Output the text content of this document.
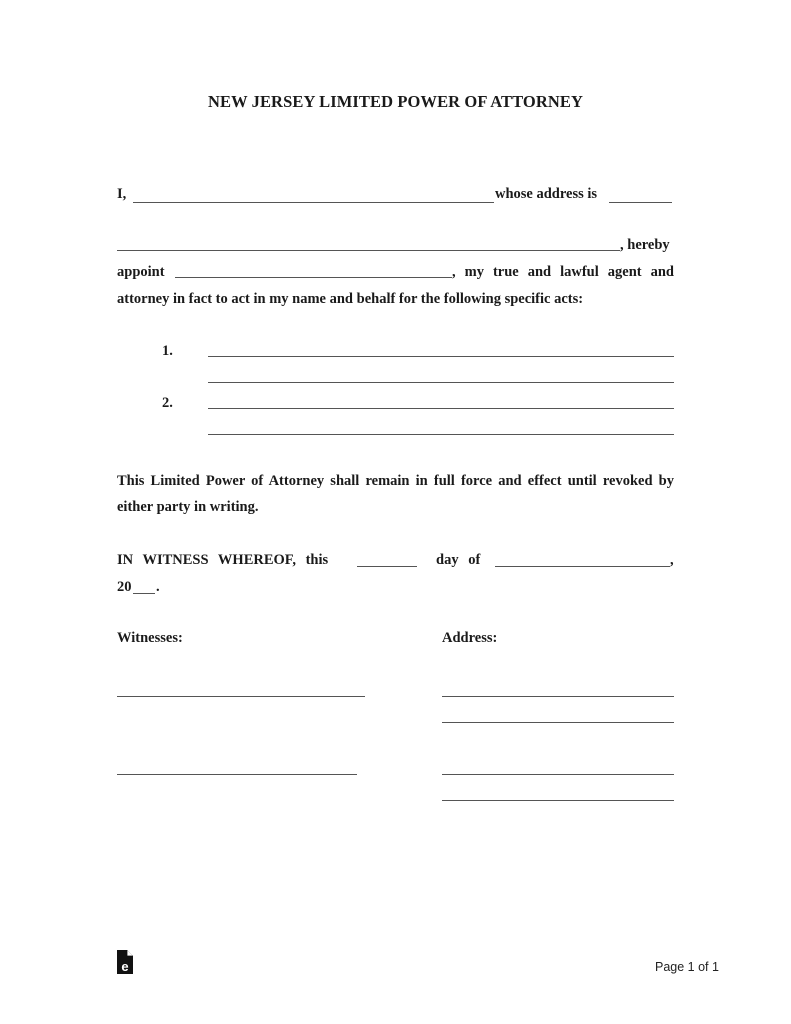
NEW JERSEY LIMITED POWER OF ATTORNEY
I,	whose address is
, hereby
appoint	, my true and lawful agent and
attorney in fact to act in my name and behalf for the following specific acts:
1.
2.
This Limited Power of Attorney shall remain in full force and effect until revoked by
either party in writing.
IN WITNESS WHEREOF, this	day of	,
20 .
Witnesses:	Address:
e	Page 1 of 1
